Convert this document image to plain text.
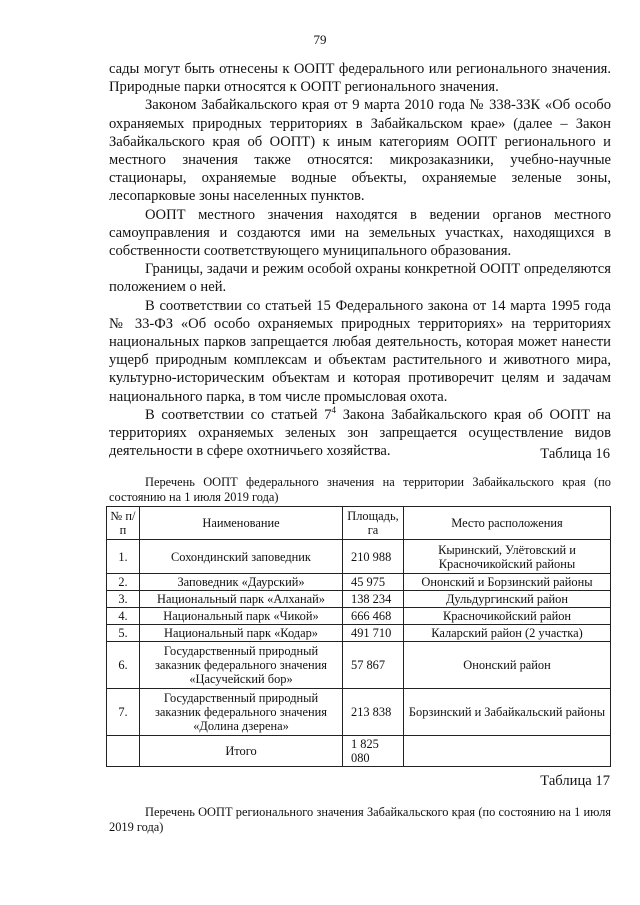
79

сады могут быть отнесены к ООПТ федерального или регионального значения. Природные парки относятся к ООПТ регионального значения.

Законом Забайкальского края от 9 марта 2010 года № 338-ЗЗК «Об особо охраняемых природных территориях в Забайкальском крае» (далее – Закон Забайкальского края об ООПТ) к иным категориям ООПТ регионального и местного значения также относятся: микрозаказники, учебно-научные стационары, охраняемые водные объекты, охраняемые зеленые зоны, лесопарковые зоны населенных пунктов.

ООПТ местного значения находятся в ведении органов местного самоуправления и создаются ими на земельных участках, находящихся в собственности соответствующего муниципального образования.

Границы, задачи и режим особой охраны конкретной ООПТ определяются положением о ней.

В соответствии со статьей 15 Федерального закона от 14 марта 1995 года № 33-ФЗ «Об особо охраняемых природных территориях» на территориях национальных парков запрещается любая деятельность, которая может нанести ущерб природным комплексам и объектам растительного и животного мира, культурно-историческим объектам и которая противоречит целям и задачам национального парка, в том числе промысловая охота.

В соответствии со статьей $7^4$ Закона Забайкальского края об ООПТ на территориях охраняемых зеленых зон запрещается осуществление видов деятельности в сфере охотничьего хозяйства.	Таблица 16
Перечень ООПТ федерального значения на территории Забайкальского края (по состоянию на 1 июля 2019 года)
№ п/п	Наименование	Площадь, га	Место расположения
1.	Сохондинский заповедник	210 988	Кыринский, Улётовский и Красночикойский районы
2.	Заповедник «Даурский»	45 975	Ононский и Борзинский районы
3.	Национальный парк «Алханай»	138 234	Дульдургинский район
4.	Национальный парк «Чикой»	666 468	Красночикойский район
5.	Национальный парк «Кодар»	491 710	Каларский район (2 участка)
6.	Государственный природный заказник федерального значения «Цасучейский бор»	57 867	Ононский район
7.	Государственный природный заказник федерального значения «Долина дзерена»	213 838	Борзинский и Забайкальский районы
	Итого	1 825 080	
Таблица 17
Перечень ООПТ регионального значения Забайкальского края (по состоянию на 1 июля 2019 года)
